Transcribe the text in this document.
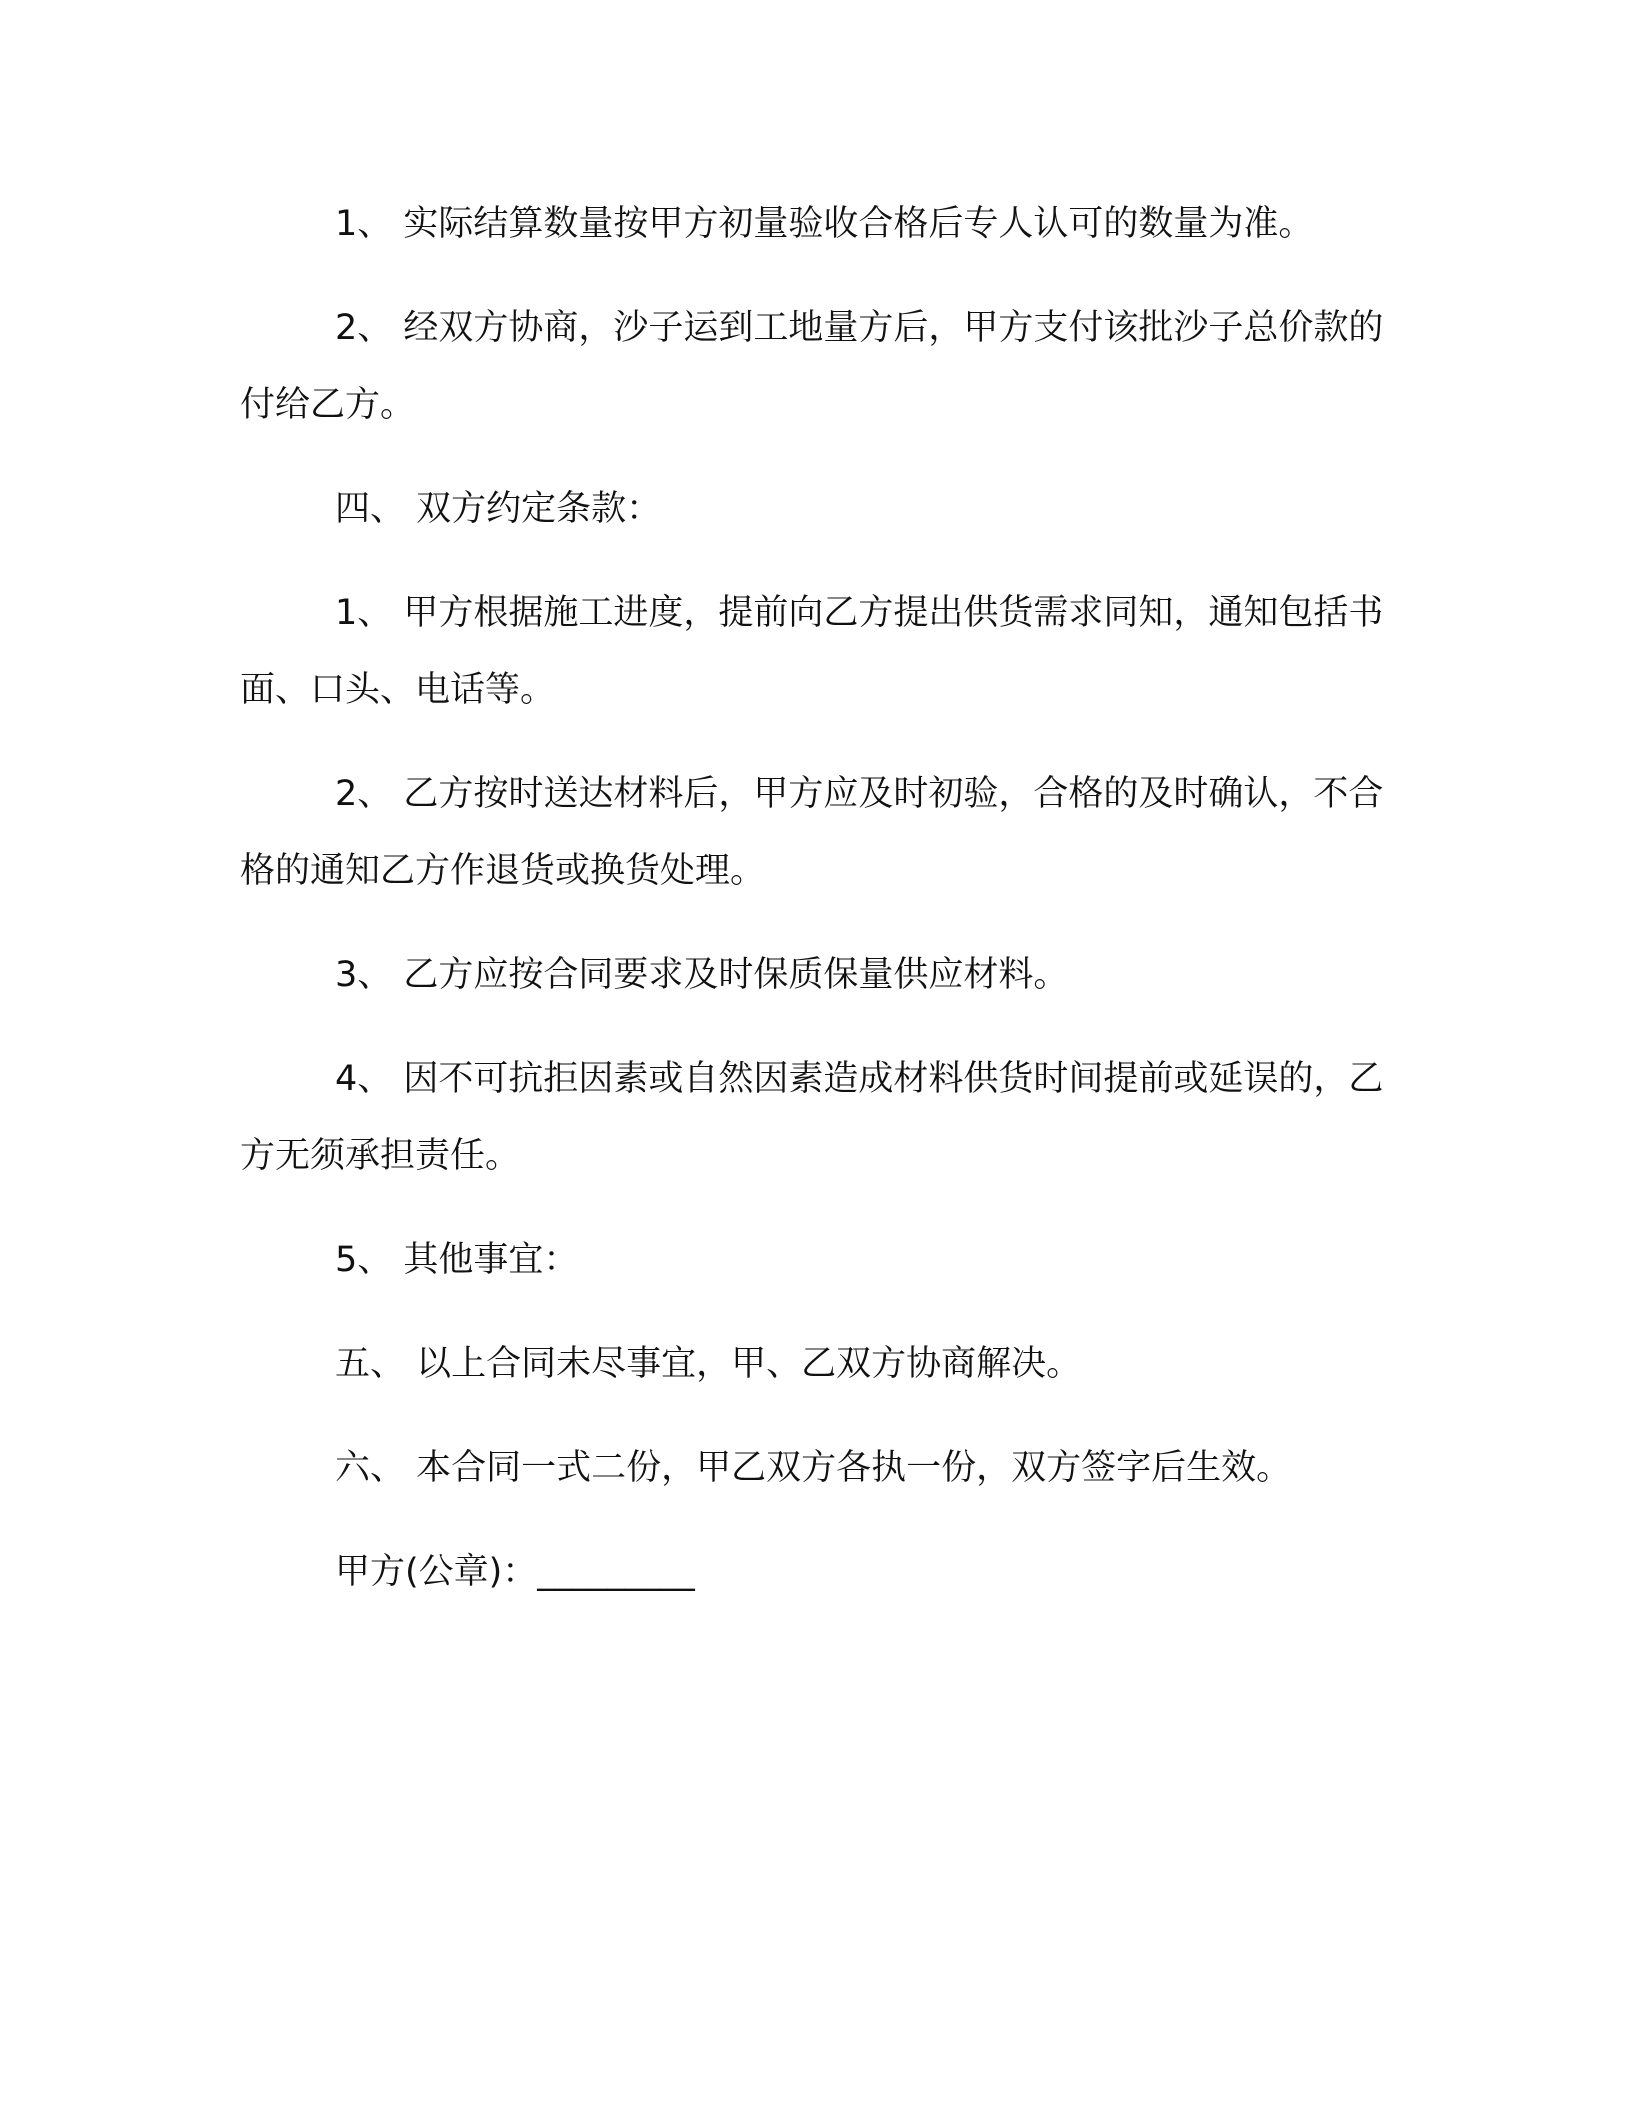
1、 实际结算数量按甲方初量验收合格后专人认可的数量为准。

2、 经双方协商，沙子运到工地量方后，甲方支付该批沙子总价款的 付给乙方。

四、 双方约定条款：

1、 甲方根据施工进度，提前向乙方提出供货需求同知，通知包括书面、口头、电话等。

2、 乙方按时送达材料后，甲方应及时初验，合格的及时确认，不合格的通知乙方作退货或换货处理。

3、 乙方应按合同要求及时保质保量供应材料。

4、 因不可抗拒因素或自然因素造成材料供货时间提前或延误的，乙方无须承担责任。

5、 其他事宜：

五、 以上合同未尽事宜，甲、乙双方协商解决。

六、 本合同一式二份，甲乙双方各执一份，双方签字后生效。

甲方(公章)：_________
